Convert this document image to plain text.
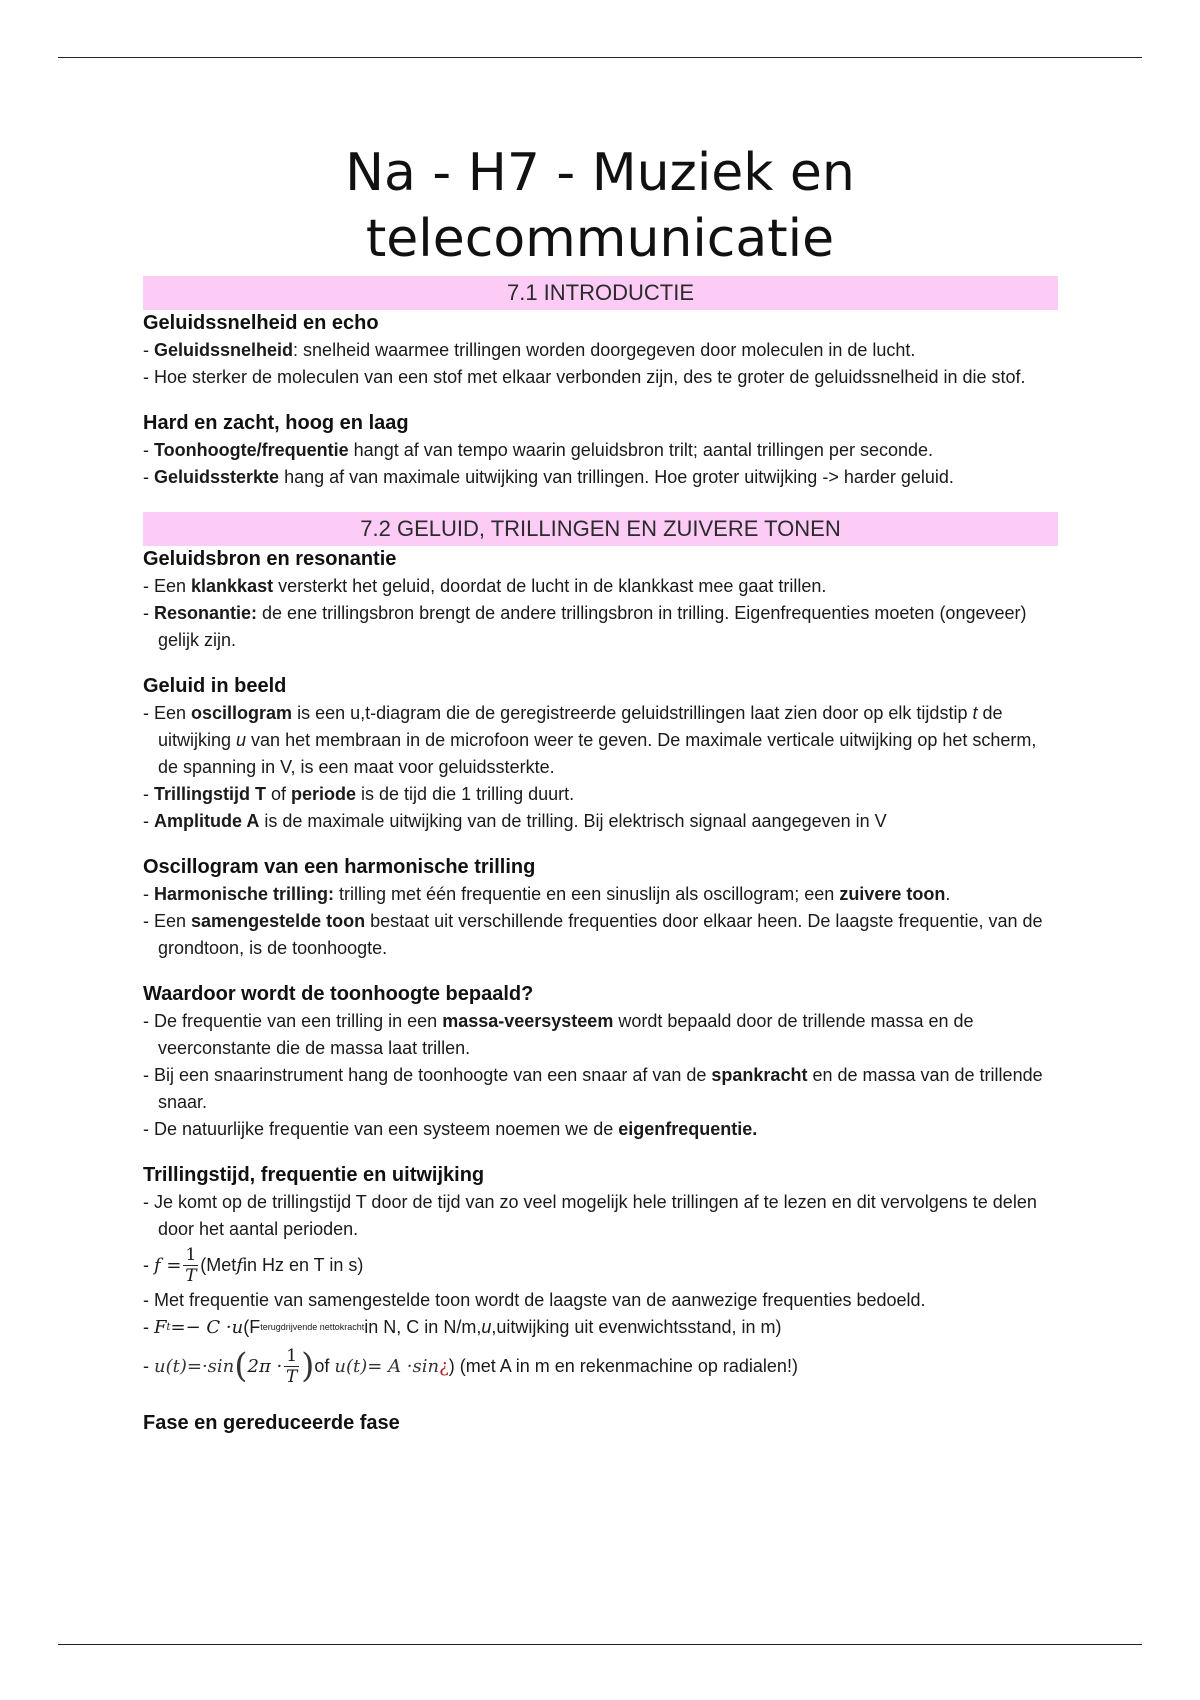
Na - H7 - Muziek en
telecommunicatie
7.1 INTRODUCTIE

Geluidssnelheid en echo

- Geluidssnelheid: snelheid waarmee trillingen worden doorgegeven door moleculen in de lucht.

- Hoe sterker de moleculen van een stof met elkaar verbonden zijn, des te groter de geluidssnelheid in die stof.

Hard en zacht, hoog en laag

- Toonhoogte/frequentie hangt af van tempo waarin geluidsbron trilt; aantal trillingen per seconde.

- Geluidssterkte hang af van maximale uitwijking van trillingen. Hoe groter uitwijking -> harder geluid.

7.2 GELUID, TRILLINGEN EN ZUIVERE TONEN

Geluidsbron en resonantie

- Een klankkast versterkt het geluid, doordat de lucht in de klankkast mee gaat trillen.

- Resonantie: de ene trillingsbron brengt de andere trillingsbron in trilling. Eigenfrequenties moeten (ongeveer) gelijk zijn.

Geluid in beeld

- Een oscillogram is een u,t-diagram die de geregistreerde geluidstrillingen laat zien door op elk tijdstip t de uitwijking u van het membraan in de microfoon weer te geven. De maximale verticale uitwijking op het scherm, de spanning in V, is een maat voor geluidssterkte.

- Trillingstijd T of periode is de tijd die 1 trilling duurt.

- Amplitude A is de maximale uitwijking van de trilling. Bij elektrisch signaal aangegeven in V

Oscillogram van een harmonische trilling

- Harmonische trilling: trilling met één frequentie en een sinuslijn als oscillogram; een zuivere toon.

- Een samengestelde toon bestaat uit verschillende frequenties door elkaar heen. De laagste frequentie, van de grondtoon, is de toonhoogte.

Waardoor wordt de toonhoogte bepaald?

- De frequentie van een trilling in een massa-veersysteem wordt bepaald door de trillende massa en de veerconstante die de massa laat trillen.

- Bij een snaarinstrument hang de toonhoogte van een snaar af van de spankracht en de massa van de trillende snaar.

- De natuurlijke frequentie van een systeem noemen we de eigenfrequentie.

Trillingstijd, frequentie en uitwijking

- Je komt op de trillingstijd T door de tijd van zo veel mogelijk hele trillingen af te lezen en dit vervolgens te delen door het aantal perioden.

- $f = \frac{1}{T} (Met$ f in Hz en T in s)

- Met frequentie van samengestelde toon wordt de laagste van de aanwezige frequenties bedoeld.

- F t =− C ·u (F terugdrijvende nettokracht in N, C in N/m, u ,uitwijking uit evenwichtsstand, in m)

- u(t)=·sin ( $2\pi \cdot \frac{1}{T}$ ) of
u(t)= A ·sin ¿ ) (met A in m en rekenmachine op radialen!)

Fase en gereduceerde fase
